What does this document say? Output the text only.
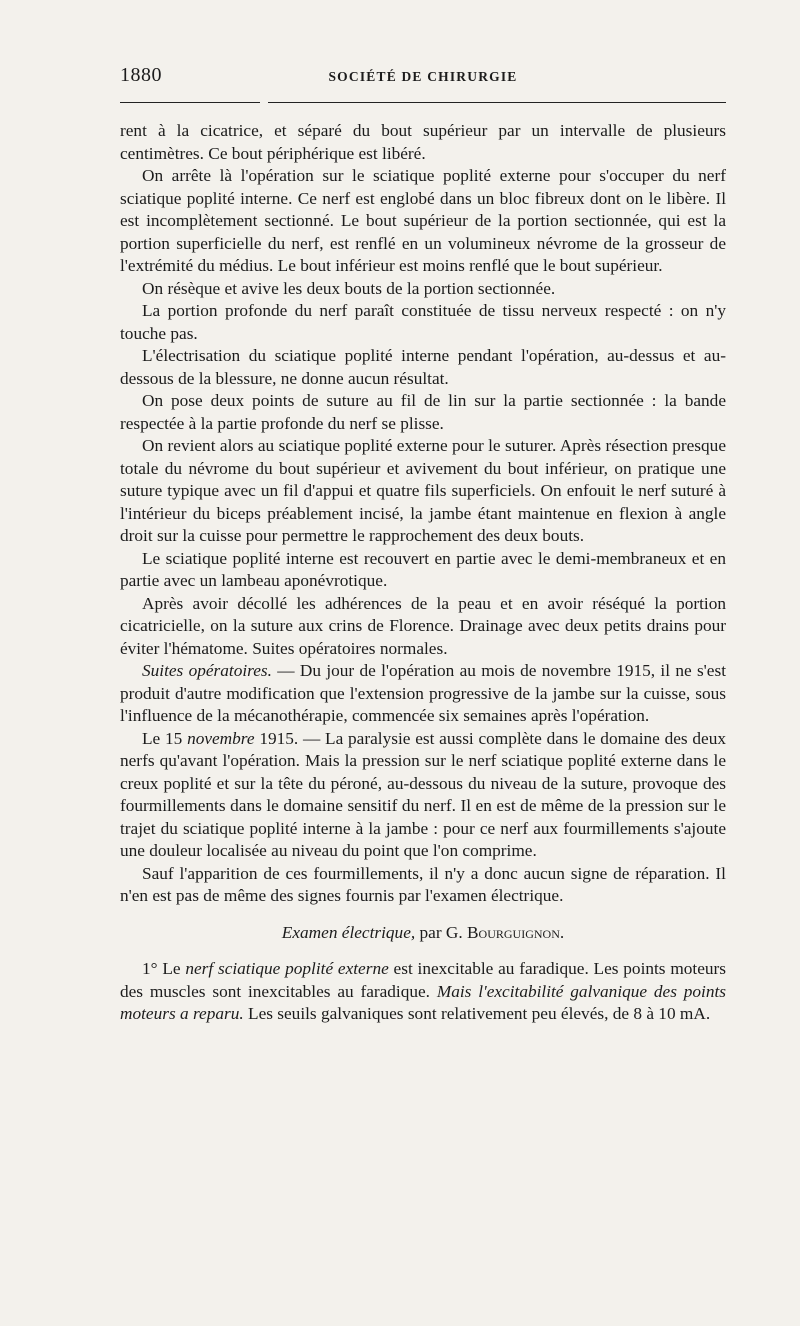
1880	SOCIÉTÉ DE CHIRURGIE

rent à la cicatrice, et séparé du bout supérieur par un intervalle de plusieurs centimètres. Ce bout périphérique est libéré.

On arrête là l'opération sur le sciatique poplité externe pour s'occuper du nerf sciatique poplité interne. Ce nerf est englobé dans un bloc fibreux dont on le libère. Il est incomplètement sectionné. Le bout supérieur de la portion sectionnée, qui est la portion superficielle du nerf, est renflé en un volumineux névrome de la grosseur de l'extrémité du médius. Le bout inférieur est moins renflé que le bout supérieur.

On résèque et avive les deux bouts de la portion sectionnée.

La portion profonde du nerf paraît constituée de tissu nerveux respecté : on n'y touche pas.

L'électrisation du sciatique poplité interne pendant l'opération, au-dessus et au-dessous de la blessure, ne donne aucun résultat.

On pose deux points de suture au fil de lin sur la partie sectionnée : la bande respectée à la partie profonde du nerf se plisse.

On revient alors au sciatique poplité externe pour le suturer. Après résection presque totale du névrome du bout supérieur et avivement du bout inférieur, on pratique une suture typique avec un fil d'appui et quatre fils superficiels. On enfouit le nerf suturé à l'intérieur du biceps préablement incisé, la jambe étant maintenue en flexion à angle droit sur la cuisse pour permettre le rapprochement des deux bouts.

Le sciatique poplité interne est recouvert en partie avec le demi-membraneux et en partie avec un lambeau aponévrotique.

Après avoir décollé les adhérences de la peau et en avoir réséqué la portion cicatricielle, on la suture aux crins de Florence. Drainage avec deux petits drains pour éviter l'hématome. Suites opératoires normales.

Suites opératoires. — Du jour de l'opération au mois de novembre 1915, il ne s'est produit d'autre modification que l'extension progressive de la jambe sur la cuisse, sous l'influence de la mécanothérapie, commencée six semaines après l'opération.

Le 15 novembre 1915. — La paralysie est aussi complète dans le domaine des deux nerfs qu'avant l'opération. Mais la pression sur le nerf sciatique poplité externe dans le creux poplité et sur la tête du péroné, au-dessous du niveau de la suture, provoque des fourmillements dans le domaine sensitif du nerf. Il en est de même de la pression sur le trajet du sciatique poplité interne à la jambe : pour ce nerf aux fourmillements s'ajoute une douleur localisée au niveau du point que l'on comprime.

Sauf l'apparition de ces fourmillements, il n'y a donc aucun signe de réparation. Il n'en est pas de même des signes fournis par l'examen électrique.

Examen électrique, par G. Bourguignon.

1° Le nerf sciatique poplité externe est inexcitable au faradique. Les points moteurs des muscles sont inexcitables au faradique. Mais l'excitabilité galvanique des points moteurs a reparu. Les seuils galvaniques sont relativement peu élevés, de 8 à 10 mA.
